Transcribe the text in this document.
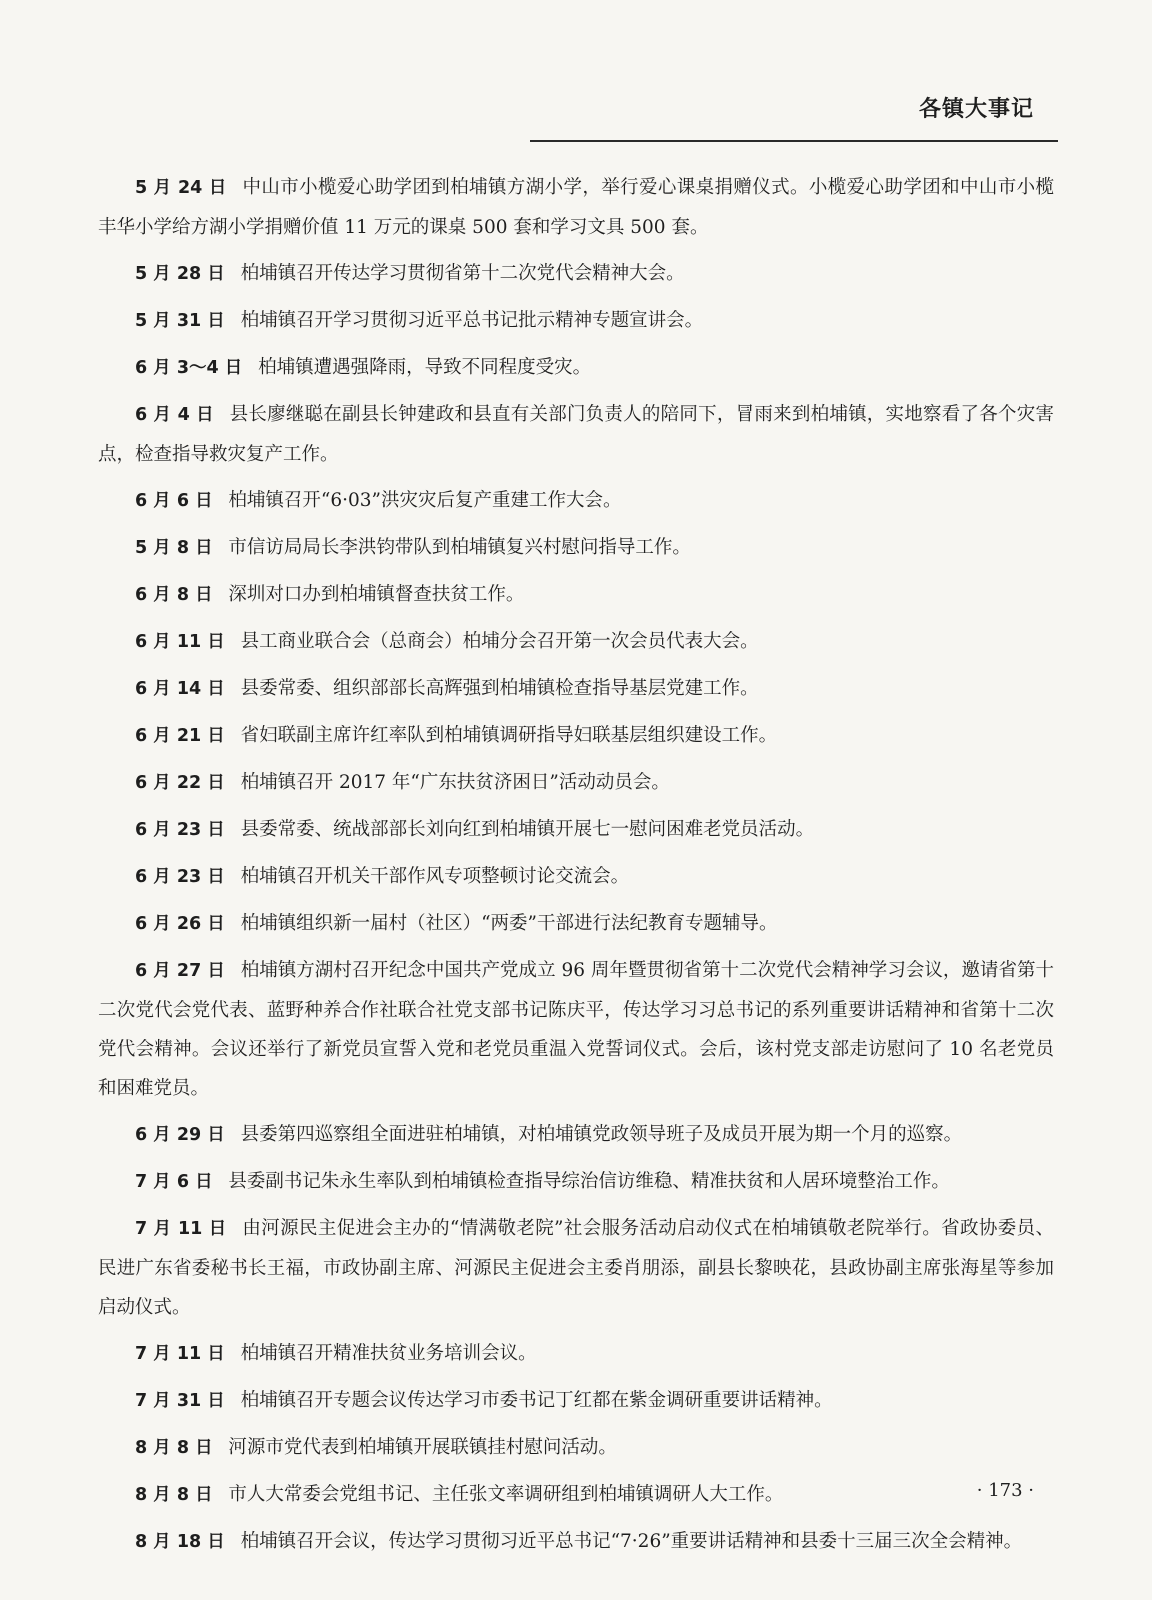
各镇大事记

5 月 24 日 中山市小榄爱心助学团到柏埔镇方湖小学，举行爱心课桌捐赠仪式。小榄爱心助学团和中山市小榄丰华小学给方湖小学捐赠价值 11 万元的课桌 500 套和学习文具 500 套。

5 月 28 日 柏埔镇召开传达学习贯彻省第十二次党代会精神大会。

5 月 31 日 柏埔镇召开学习贯彻习近平总书记批示精神专题宣讲会。

6 月 3～4 日 柏埔镇遭遇强降雨，导致不同程度受灾。

6 月 4 日 县长廖继聪在副县长钟建政和县直有关部门负责人的陪同下，冒雨来到柏埔镇，实地察看了各个灾害点，检查指导救灾复产工作。

6 月 6 日 柏埔镇召开“6·03”洪灾灾后复产重建工作大会。

5 月 8 日 市信访局局长李洪钧带队到柏埔镇复兴村慰问指导工作。

6 月 8 日 深圳对口办到柏埔镇督查扶贫工作。

6 月 11 日 县工商业联合会（总商会）柏埔分会召开第一次会员代表大会。

6 月 14 日 县委常委、组织部部长高辉强到柏埔镇检查指导基层党建工作。

6 月 21 日 省妇联副主席许红率队到柏埔镇调研指导妇联基层组织建设工作。

6 月 22 日 柏埔镇召开 2017 年“广东扶贫济困日”活动动员会。

6 月 23 日 县委常委、统战部部长刘向红到柏埔镇开展七一慰问困难老党员活动。

6 月 23 日 柏埔镇召开机关干部作风专项整顿讨论交流会。

6 月 26 日 柏埔镇组织新一届村（社区）“两委”干部进行法纪教育专题辅导。

6 月 27 日 柏埔镇方湖村召开纪念中国共产党成立 96 周年暨贯彻省第十二次党代会精神学习会议，邀请省第十二次党代会党代表、蓝野种养合作社联合社党支部书记陈庆平，传达学习习总书记的系列重要讲话精神和省第十二次党代会精神。会议还举行了新党员宣誓入党和老党员重温入党誓词仪式。会后，该村党支部走访慰问了 10 名老党员和困难党员。

6 月 29 日 县委第四巡察组全面进驻柏埔镇，对柏埔镇党政领导班子及成员开展为期一个月的巡察。

7 月 6 日 县委副书记朱永生率队到柏埔镇检查指导综治信访维稳、精准扶贫和人居环境整治工作。

7 月 11 日 由河源民主促进会主办的“情满敬老院”社会服务活动启动仪式在柏埔镇敬老院举行。省政协委员、民进广东省委秘书长王福，市政协副主席、河源民主促进会主委肖朋添，副县长黎映花，县政协副主席张海星等参加启动仪式。

7 月 11 日 柏埔镇召开精准扶贫业务培训会议。

7 月 31 日 柏埔镇召开专题会议传达学习市委书记丁红都在紫金调研重要讲话精神。

8 月 8 日 河源市党代表到柏埔镇开展联镇挂村慰问活动。

8 月 8 日 市人大常委会党组书记、主任张文率调研组到柏埔镇调研人大工作。

8 月 18 日 柏埔镇召开会议，传达学习贯彻习近平总书记“7·26”重要讲话精神和县委十三届三次全会精神。

· 173 ·
